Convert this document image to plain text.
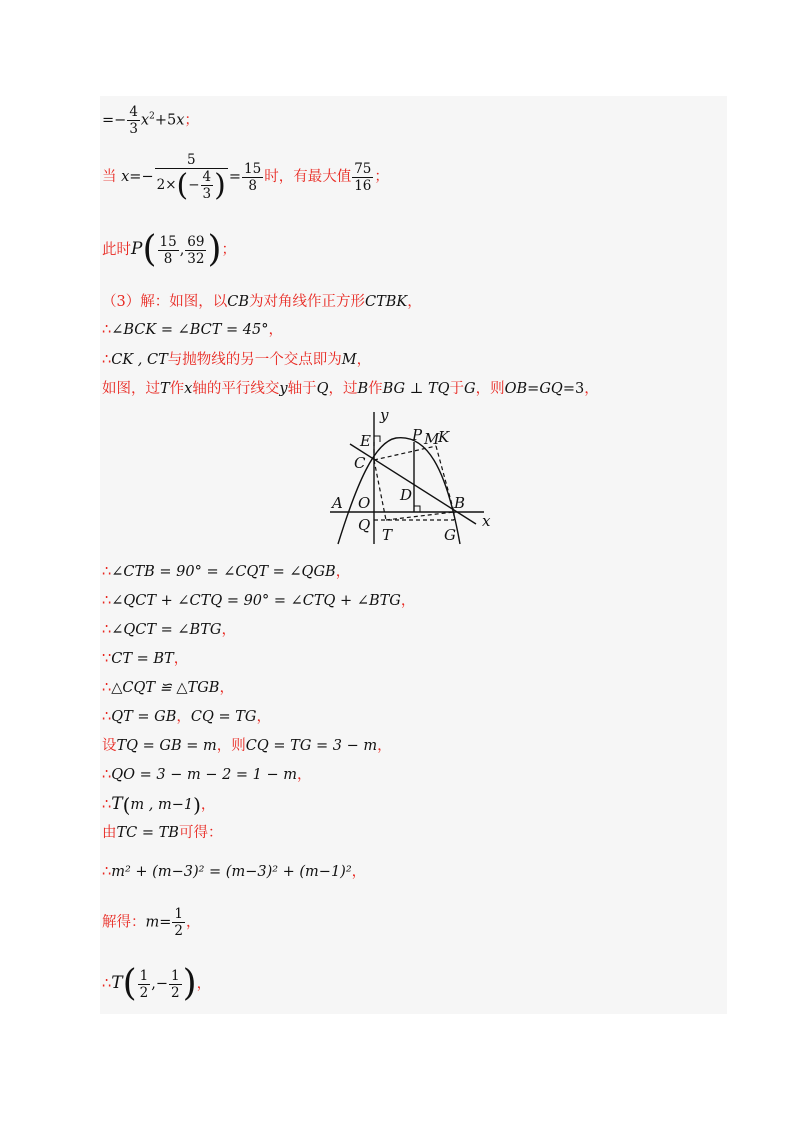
=− $\frac{4}{3} x^2+5x$；
当 $x=- \frac{5}{2\times(- \frac{4}{3} )} = \frac{15}{8}$ 时，有最大值 $\frac{75}{16}$ ；
此时$P( \frac{15}{8}$ , $\frac{69}{32}$ )；
（3）解：如图，以CB为对角线作正方形CTBK，
∴∠BCK = ∠BCT = 45°，
∴CK , CT与抛物线的另一个交点即为M，
如图，过T作x轴的平行线交y轴于Q，过B作BG ⊥ TQ于G，则OB=GQ=3，
y
x
E
C
P M
K
D
A O	B
Q
T	G
∴∠CTB = 90° = ∠CQT = ∠QGB，
∴∠QCT + ∠CTQ = 90° = ∠CTQ + ∠BTG，
∴∠QCT = ∠BTG，
∵CT = BT，
∴△CQT ≌ △TGB，
∴QT = GB，CQ = TG，
设TQ = GB = m，则CQ = TG = 3 − m，
∴QO = 3 − m − 2 = 1 − m，
∴T(m , m−1)，
由TC = TB可得：
∴m² + (m−3)² = (m−3)² + (m−1)²，
解得：$m= \frac{1}{2}$ ，
∴T( $\frac{1}{2}$ ,− $\frac{1}{2}$ )，
